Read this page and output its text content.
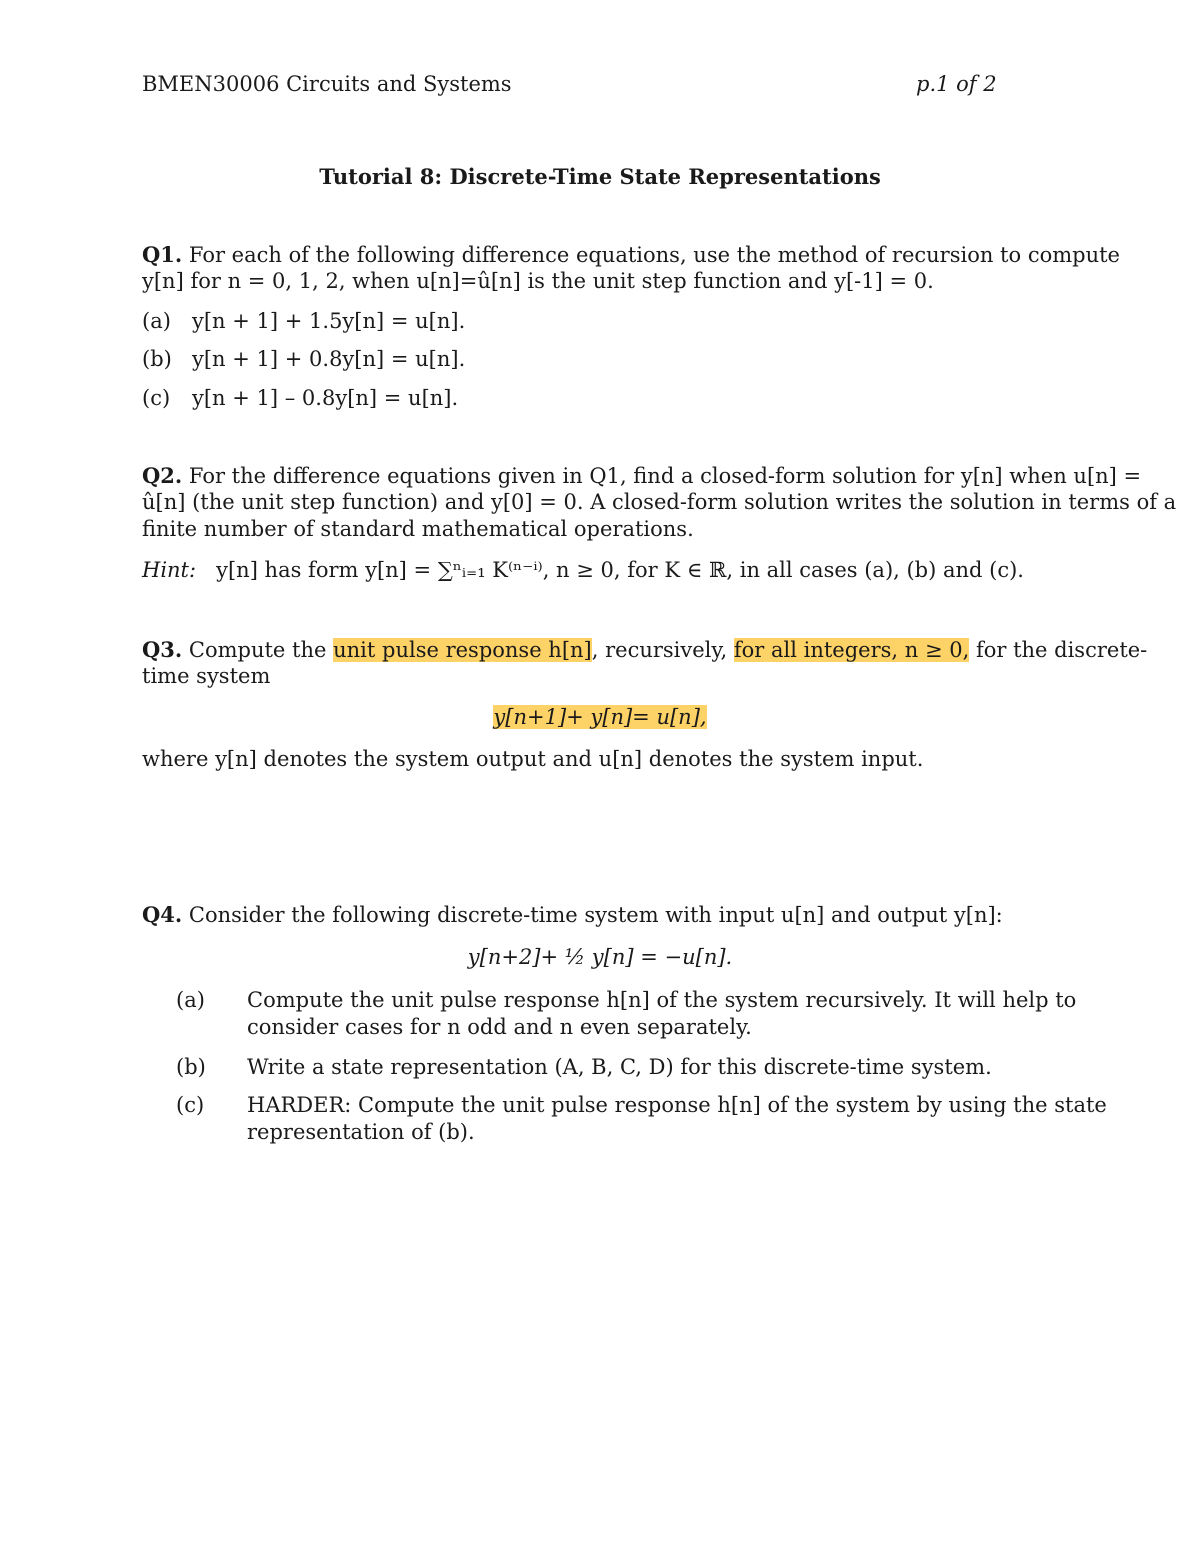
BMEN30006 Circuits and Systems	p.1 of 2
Tutorial 8: Discrete-Time State Representations
Q1. For each of the following difference equations, use the method of recursion to compute
y[n] for n = 0, 1, 2, when u[n]=û[n] is the unit step function and y[-1] = 0.
(a) y[n + 1] + 1.5y[n] = u[n].
(b) y[n + 1] + 0.8y[n] = u[n].
(c) y[n + 1] – 0.8y[n] = u[n].
Q2. For the difference equations given in Q1, find a closed-form solution for y[n] when u[n] =
û[n] (the unit step function) and y[0] = 0. A closed-form solution writes the solution in terms of a
finite number of standard mathematical operations.
Hint: y[n] has form y[n] = ∑ⁿᵢ₌₁ K⁽ⁿ⁻ⁱ⁾, n ≥ 0, for K ∈ ℝ, in all cases (a), (b) and (c).
Q3. Compute the unit pulse response h[n], recursively, for all integers, n ≥ 0, for the discrete-
time system
y[n+1]+ y[n]= u[n],
where y[n] denotes the system output and u[n] denotes the system input.
Q4. Consider the following discrete-time system with input u[n] and output y[n]:
y[n+2]+ ½ y[n] = −u[n].
(a) Compute the unit pulse response h[n] of the system recursively. It will help to
consider cases for n odd and n even separately.
(b) Write a state representation (A, B, C, D) for this discrete-time system.
(c) HARDER: Compute the unit pulse response h[n] of the system by using the state
representation of (b).
